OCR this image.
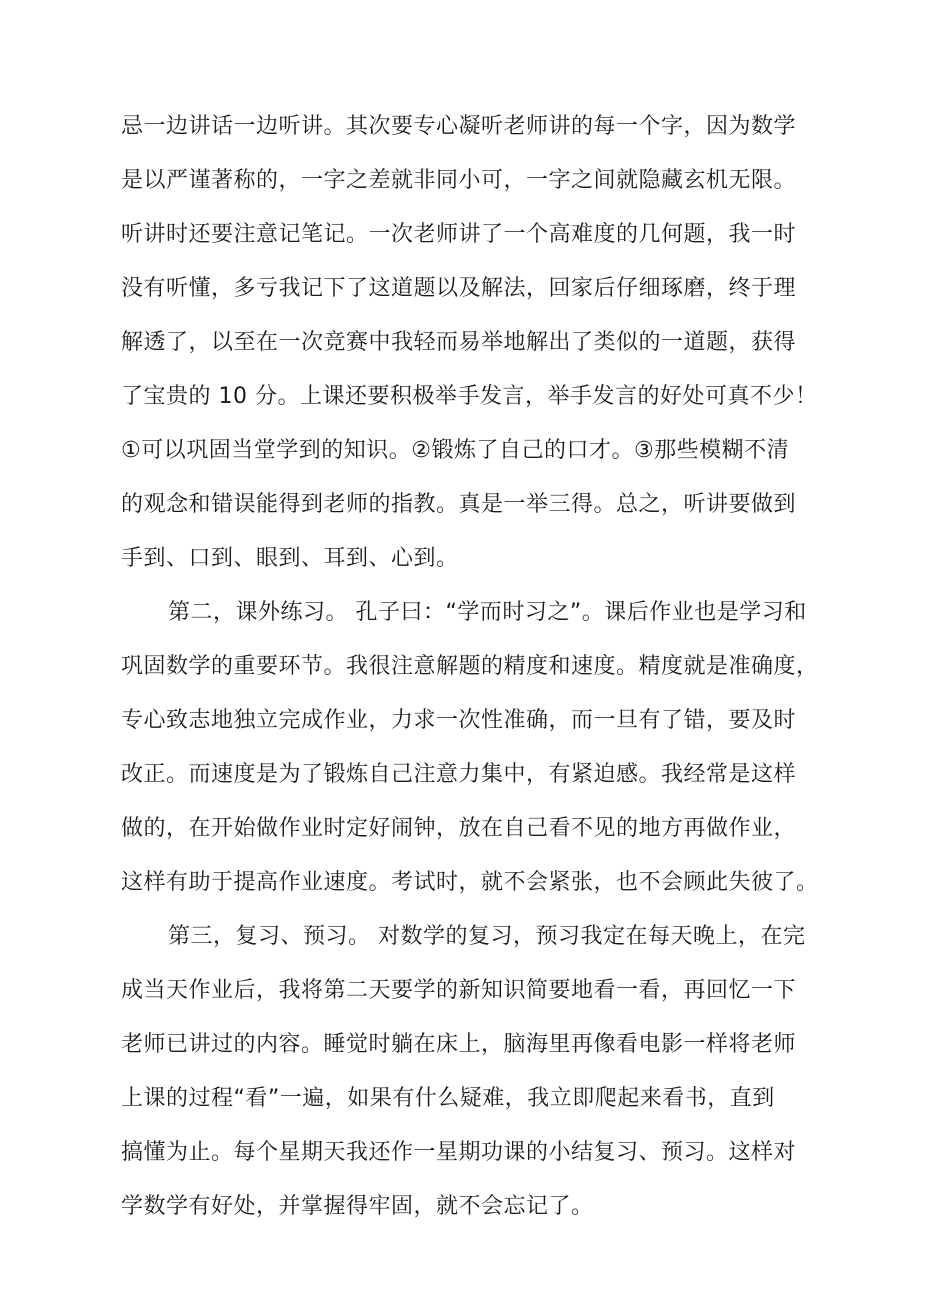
忌一边讲话一边听讲。其次要专心凝听老师讲的每一个字，因为数学
是以严谨著称的，一字之差就非同小可，一字之间就隐藏玄机无限。
听讲时还要注意记笔记。一次老师讲了一个高难度的几何题，我一时
没有听懂，多亏我记下了这道题以及解法，回家后仔细琢磨，终于理
解透了，以至在一次竞赛中我轻而易举地解出了类似的一道题，获得
了宝贵的 10 分。上课还要积极举手发言，举手发言的好处可真不少！
①可以巩固当堂学到的知识。②锻炼了自己的口才。③那些模糊不清
的观念和错误能得到老师的指教。真是一举三得。总之，听讲要做到
手到、口到、眼到、耳到、心到。
第二，课外练习。 孔子曰：“学而时习之”。课后作业也是学习和
巩固数学的重要环节。我很注意解题的精度和速度。精度就是准确度，
专心致志地独立完成作业，力求一次性准确，而一旦有了错，要及时
改正。而速度是为了锻炼自己注意力集中，有紧迫感。我经常是这样
做的，在开始做作业时定好闹钟，放在自己看不见的地方再做作业，
这样有助于提高作业速度。考试时，就不会紧张，也不会顾此失彼了。
第三，复习、预习。 对数学的复习，预习我定在每天晚上，在完
成当天作业后，我将第二天要学的新知识简要地看一看，再回忆一下
老师已讲过的内容。睡觉时躺在床上，脑海里再像看电影一样将老师
上课的过程“看”一遍，如果有什么疑难，我立即爬起来看书，直到
搞懂为止。每个星期天我还作一星期功课的小结复习、预习。这样对
学数学有好处，并掌握得牢固，就不会忘记了。
